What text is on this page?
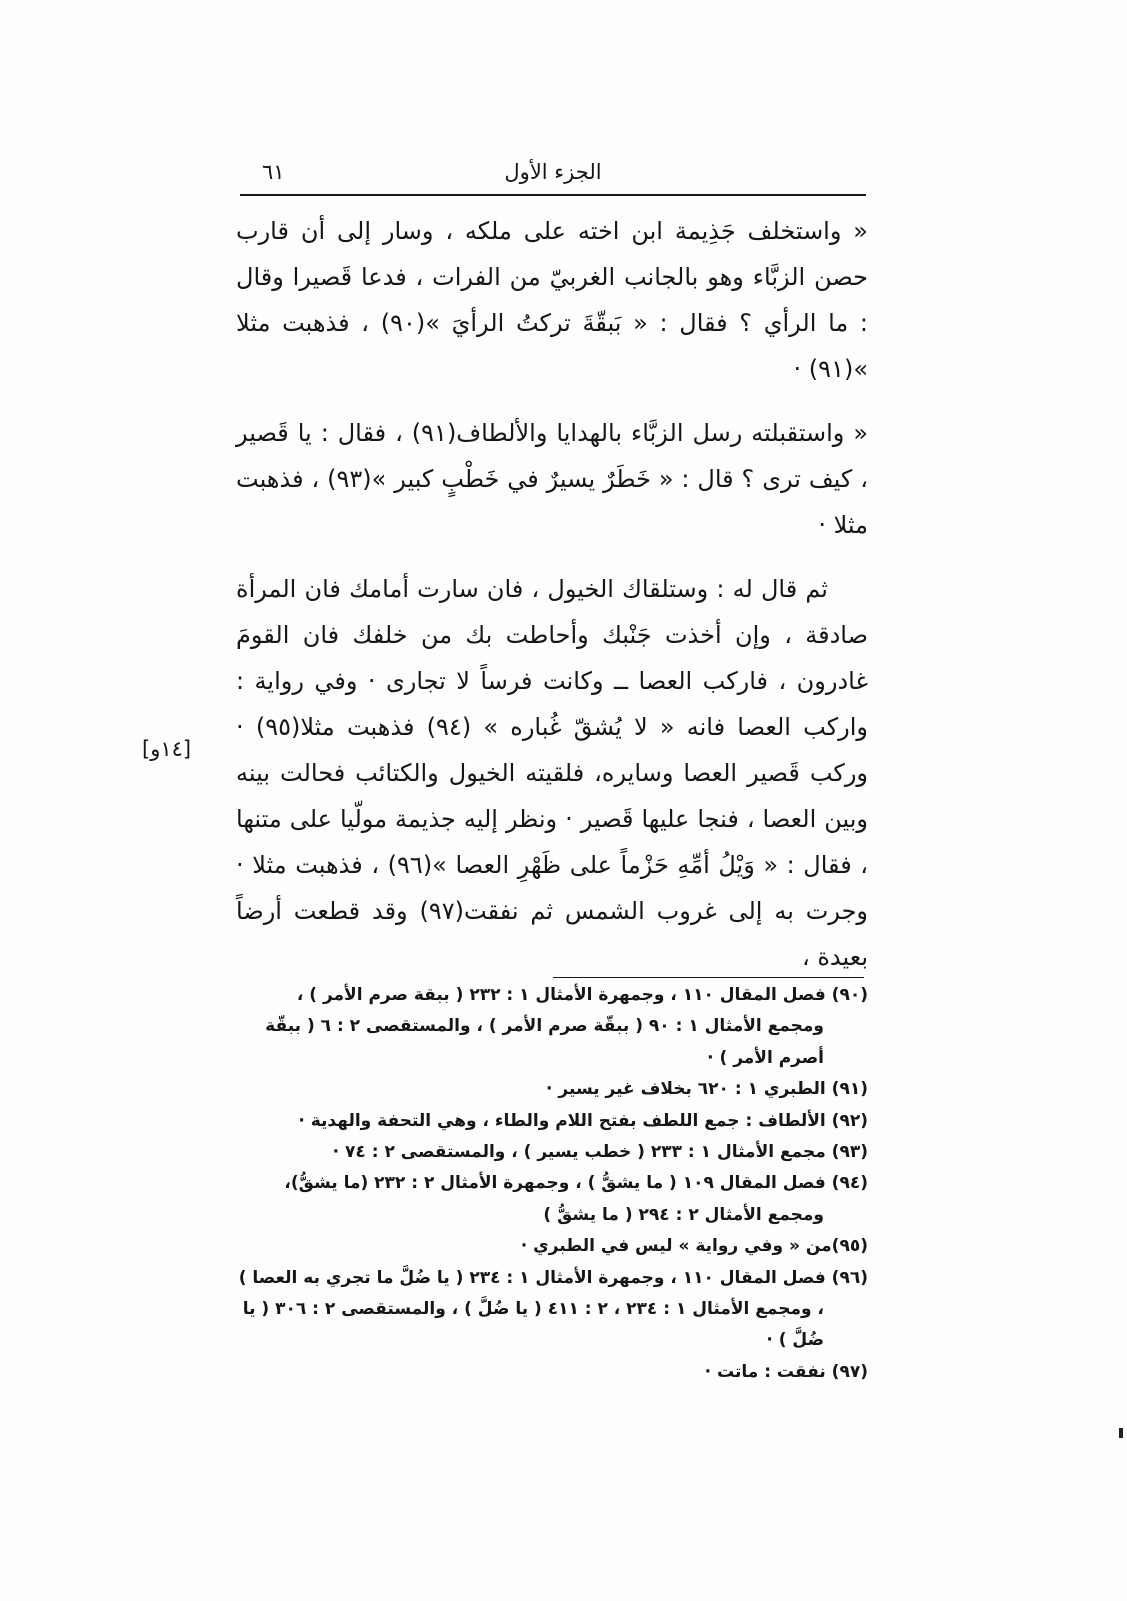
٦١	الجزء الأول

« واستخلف جَذِيمة ابن اخته على ملكه ، وسار إلى أن قارب حصن الزبَّاء وهو بالجانب الغربيّ من الفرات ، فدعا قَصيرا وقال : ما الرأي ؟ فقال : « بَبقّةَ تركتُ الرأيَ »(٩٠) ، فذهبت مثلا »(٩١) ·

« واستقبلته رسل الزبَّاء بالهدايا والألطاف(٩١) ، فقال : يا قَصير ، كيف ترى ؟ قال : « خَطَرٌ يسيرٌ في خَطْبٍ كبير »(٩٣) ، فذهبت مثلا ·

ثم قال له : وستلقاك الخيول ، فان سارت أمامك فان المرأة صادقة ، وإن أخذت جَنْبك وأحاطت بك من خلفك فان القومَ غادرون ، فاركب العصا ــ وكانت فرساً لا تجارى · وفي رواية : واركب العصا فانه « لا يُشقّ غُباره » (٩٤) فذهبت مثلا(٩٥) · وركب قَصير العصا وسايره، فلقيته الخيول والكتائب فحالت بينه وبين العصا ، فنجا عليها قَصير · ونظر إليه جذيمة مولّيا على متنها ، فقال : « وَيْلُ أمِّهِ حَزْماً على ظَهْرِ العصا »(٩٦) ، فذهبت مثلا · وجرت به إلى غروب الشمس ثم نفقت(٩٧) وقد قطعت أرضاً بعيدة ،

[١٤و]

(٩٠) فصل المقال ١١٠ ، وجمهرة الأمثال ١ : ٢٣٢ ( ببقة صرم الأمر ) ، ومجمع الأمثال ١ : ٩٠ ( ببقّة صرم الأمر ) ، والمستقصى ٢ : ٦ ( ببقّة أصرم الأمر ) ·

(٩١) الطبري ١ : ٦٢٠ بخلاف غير يسير ·

(٩٢) الألطاف : جمع اللطف بفتح اللام والطاء ، وهي التحفة والهدية ·

(٩٣) مجمع الأمثال ١ : ٢٣٣ ( خطب يسير ) ، والمستقصى ٢ : ٧٤ ·

(٩٤) فصل المقال ١٠٩ ( ما يشقُّ ) ، وجمهرة الأمثال ٢ : ٢٣٢ (ما يشقُّ)، ومجمع الأمثال ٢ : ٢٩٤ ( ما يشقُّ )

(٩٥)من « وفي رواية » ليس في الطبري ·

(٩٦) فصل المقال ١١٠ ، وجمهرة الأمثال ١ : ٢٣٤ ( يا ضُلَّ ما تجري به العصا ) ، ومجمع الأمثال ١ : ٢٣٤ ، ٢ : ٤١١ ( يا ضُلَّ ) ، والمستقصى ٢ : ٣٠٦ ( يا ضُلَّ ) ·

(٩٧) نفقت : ماتت ·
